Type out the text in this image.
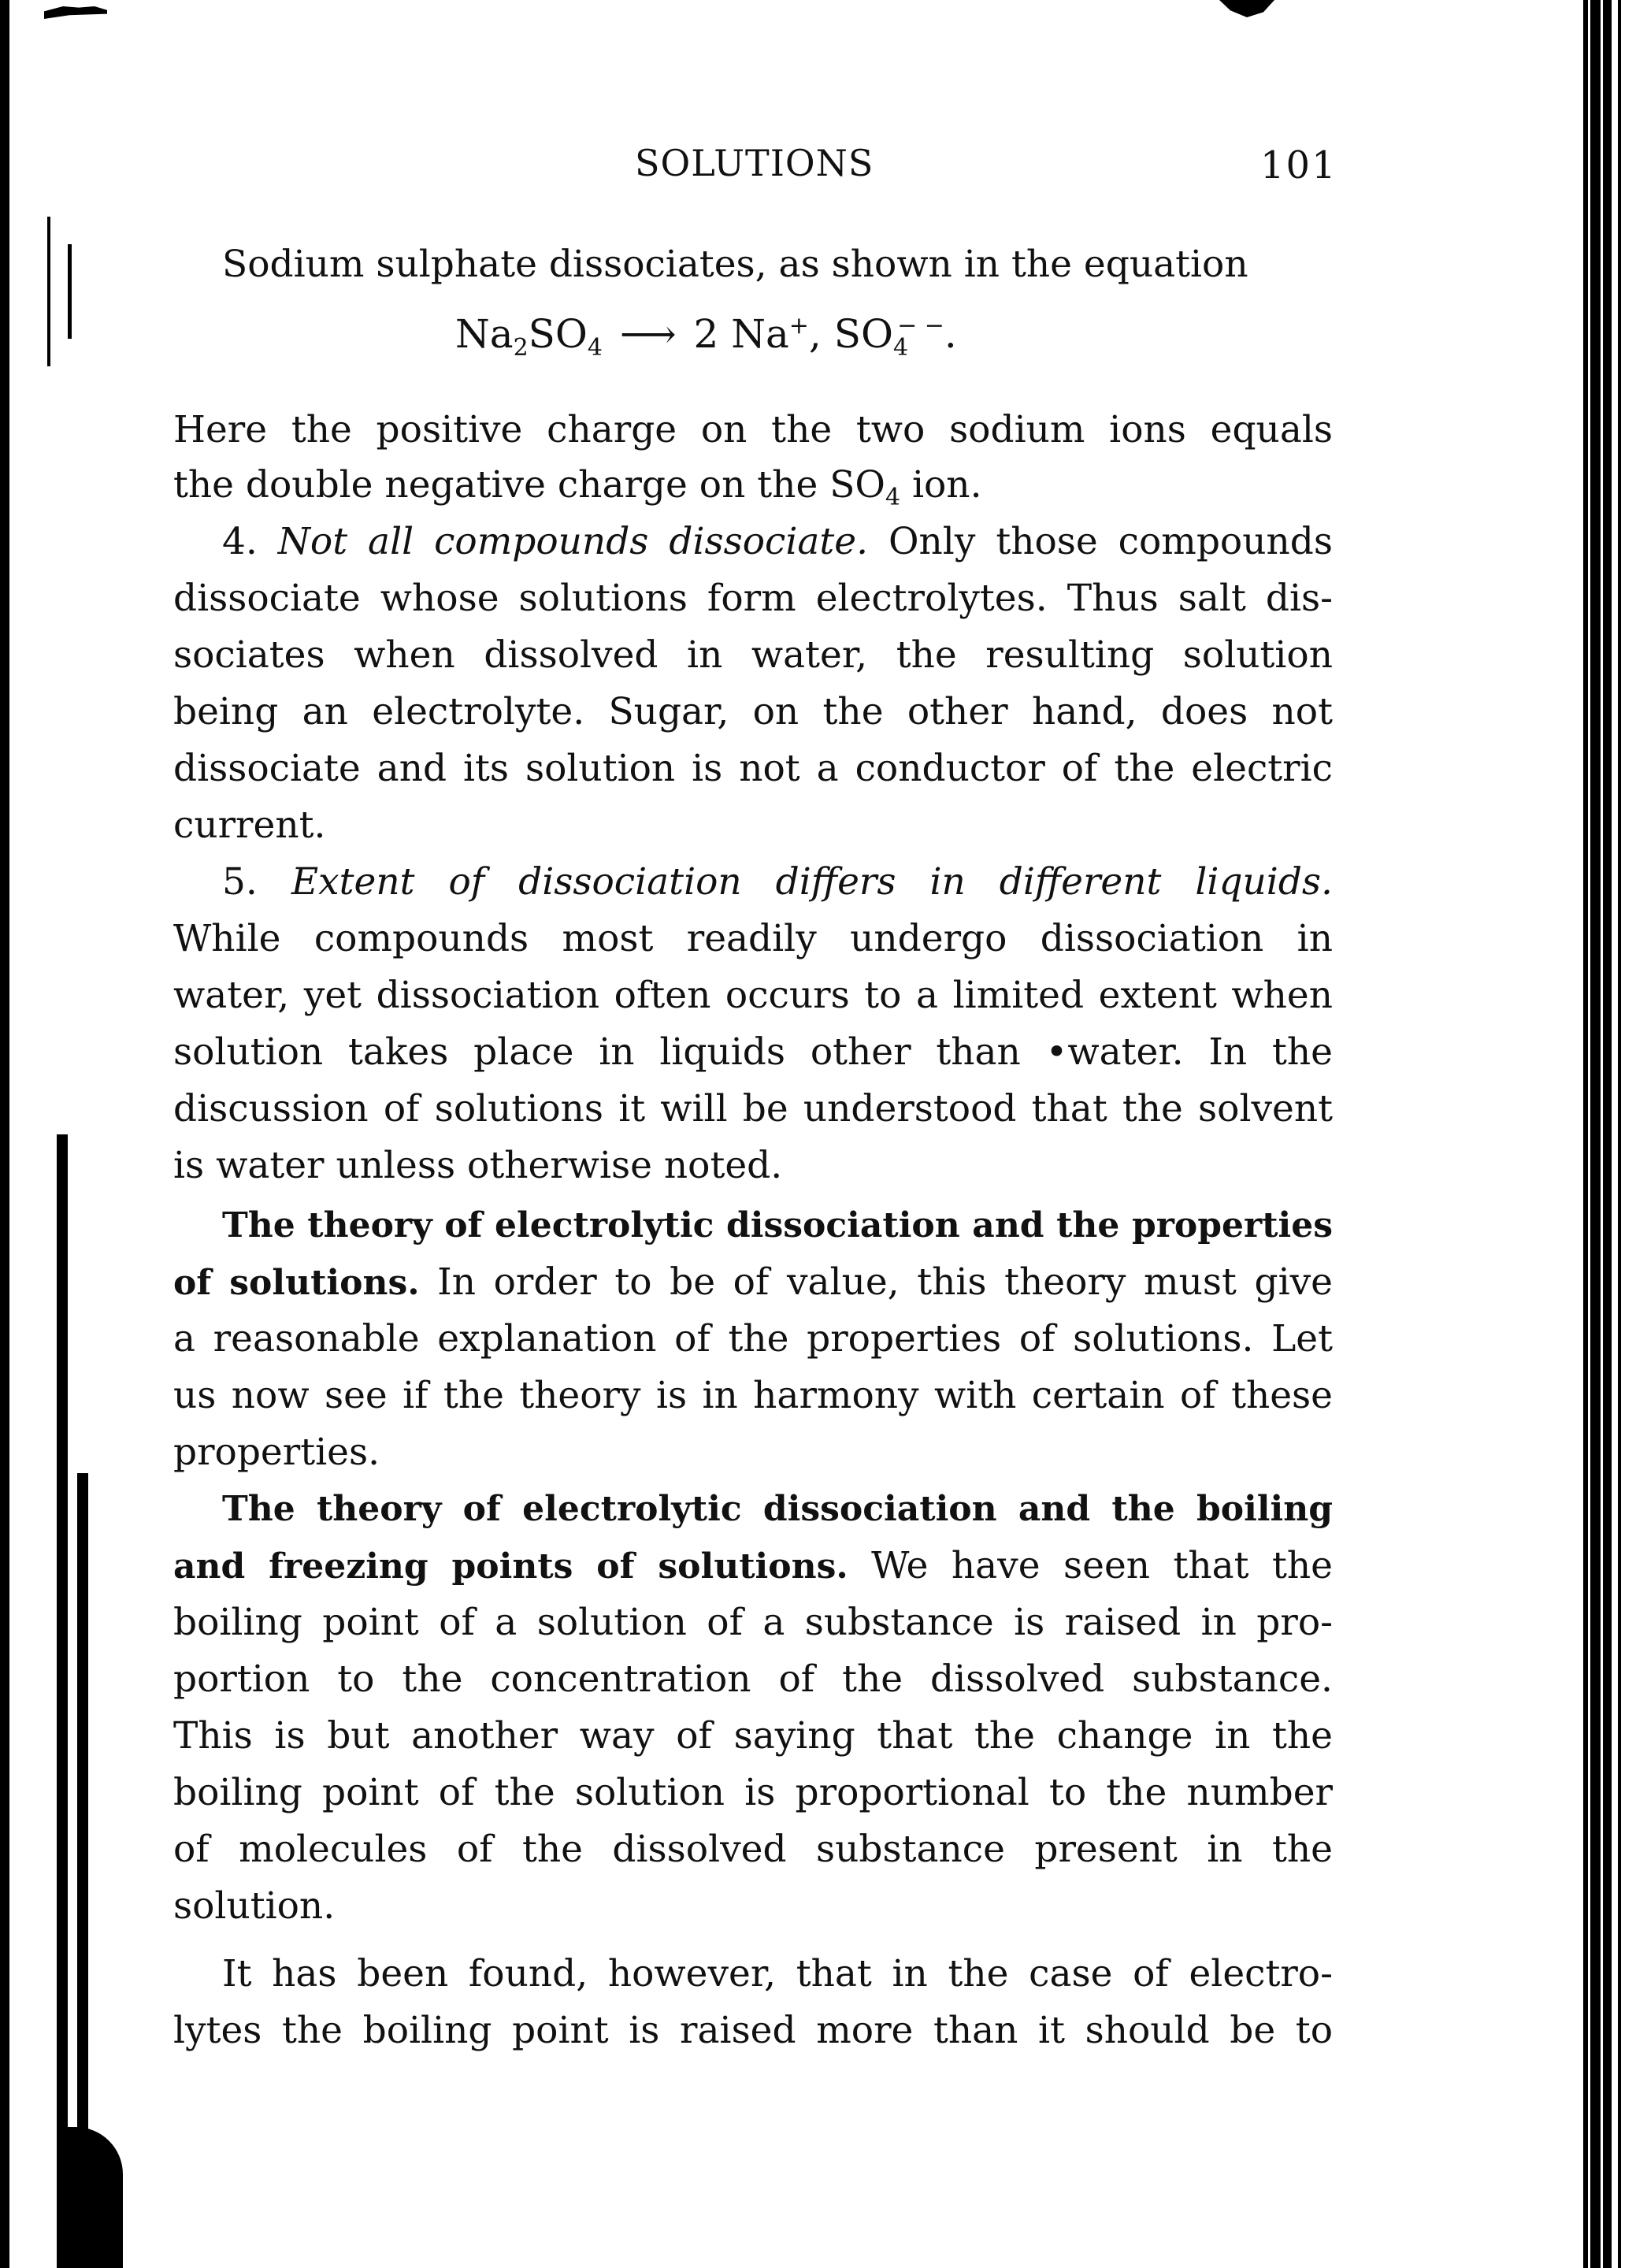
SOLUTIONS	101
Sodium sulphate dissociates, as shown in the equation
$Na_2SO_4$ ⟶ 2 Na+, $SO_4^{- -}$.
Here the positive charge on the two sodium ions equals
the double negative charge on the $SO_4$ ion.
4. Not all compounds dissociate. Only those compounds
dissociate whose solutions form electrolytes. Thus salt dis-
sociates when dissolved in water, the resulting solution
being an electrolyte. Sugar, on the other hand, does not
dissociate and its solution is not a conductor of the electric
current.
5. Extent of dissociation differs in different liquids.
While compounds most readily undergo dissociation in
water, yet dissociation often occurs to a limited extent when
solution takes place in liquids other than •water. In the
discussion of solutions it will be understood that the solvent
is water unless otherwise noted.
The theory of electrolytic dissociation and the properties
of solutions. In order to be of value, this theory must give
a reasonable explanation of the properties of solutions. Let
us now see if the theory is in harmony with certain of these
properties.
The theory of electrolytic dissociation and the boiling
and freezing points of solutions. We have seen that the
boiling point of a solution of a substance is raised in pro-
portion to the concentration of the dissolved substance.
This is but another way of saying that the change in the
boiling point of the solution is proportional to the number
of molecules of the dissolved substance present in the
solution.
It has been found, however, that in the case of electro-
lytes the boiling point is raised more than it should be to
